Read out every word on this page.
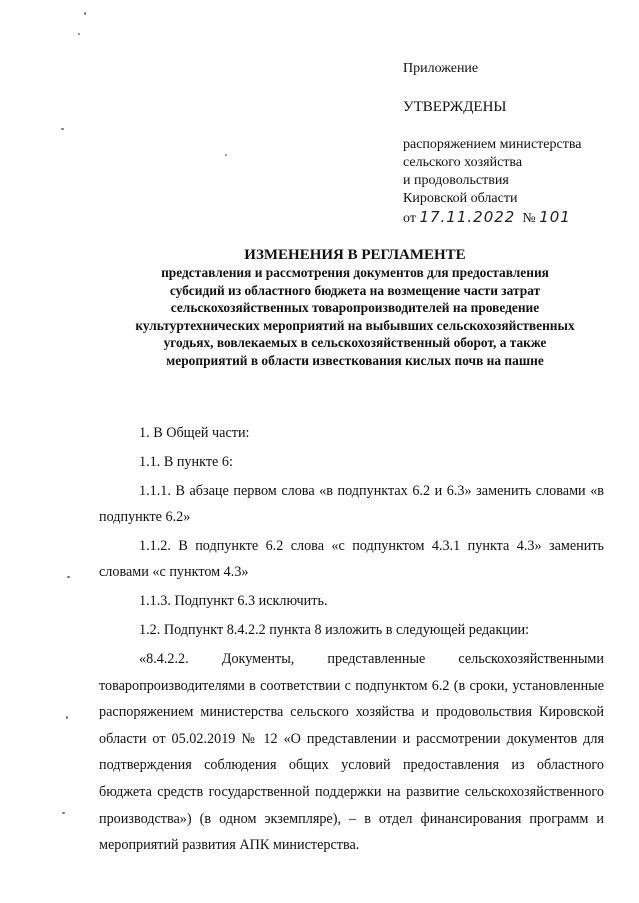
Приложение

УТВЕРЖДЕНЫ

распоряжением министерства

сельского хозяйства

и продовольствия

Кировской области

от 17.11.2022 № 101

ИЗМЕНЕНИЯ В РЕГЛАМЕНТЕ

представления и рассмотрения документов для предоставления

субсидий из областного бюджета на возмещение части затрат

сельскохозяйственных товаропроизводителей на проведение

культуртехнических мероприятий на выбывших сельскохозяйственных

угодьях, вовлекаемых в сельскохозяйственный оборот, а также

мероприятий в области известкования кислых почв на пашне

1. В Общей части:

1.1. В пункте 6:

1.1.1. В абзаце первом слова «в подпунктах 6.2 и 6.3» заменить словами «в подпункте 6.2»

1.1.2. В подпункте 6.2 слова «с подпунктом 4.3.1 пункта 4.3» заменить словами «с пунктом 4.3»

1.1.3. Подпункт 6.3 исключить.

1.2. Подпункт 8.4.2.2 пункта 8 изложить в следующей редакции:

«8.4.2.2. Документы, представленные сельскохозяйственными товаропроизводителями в соответствии с подпунктом 6.2 (в сроки, установленные распоряжением министерства сельского хозяйства и продовольствия Кировской области от 05.02.2019 № 12 «О представлении и рассмотрении документов для подтверждения соблюдения общих условий предоставления из областного бюджета средств государственной поддержки на развитие сельскохозяйственного производства») (в одном экземпляре), – в отдел финансирования программ и мероприятий развития АПК министерства.
